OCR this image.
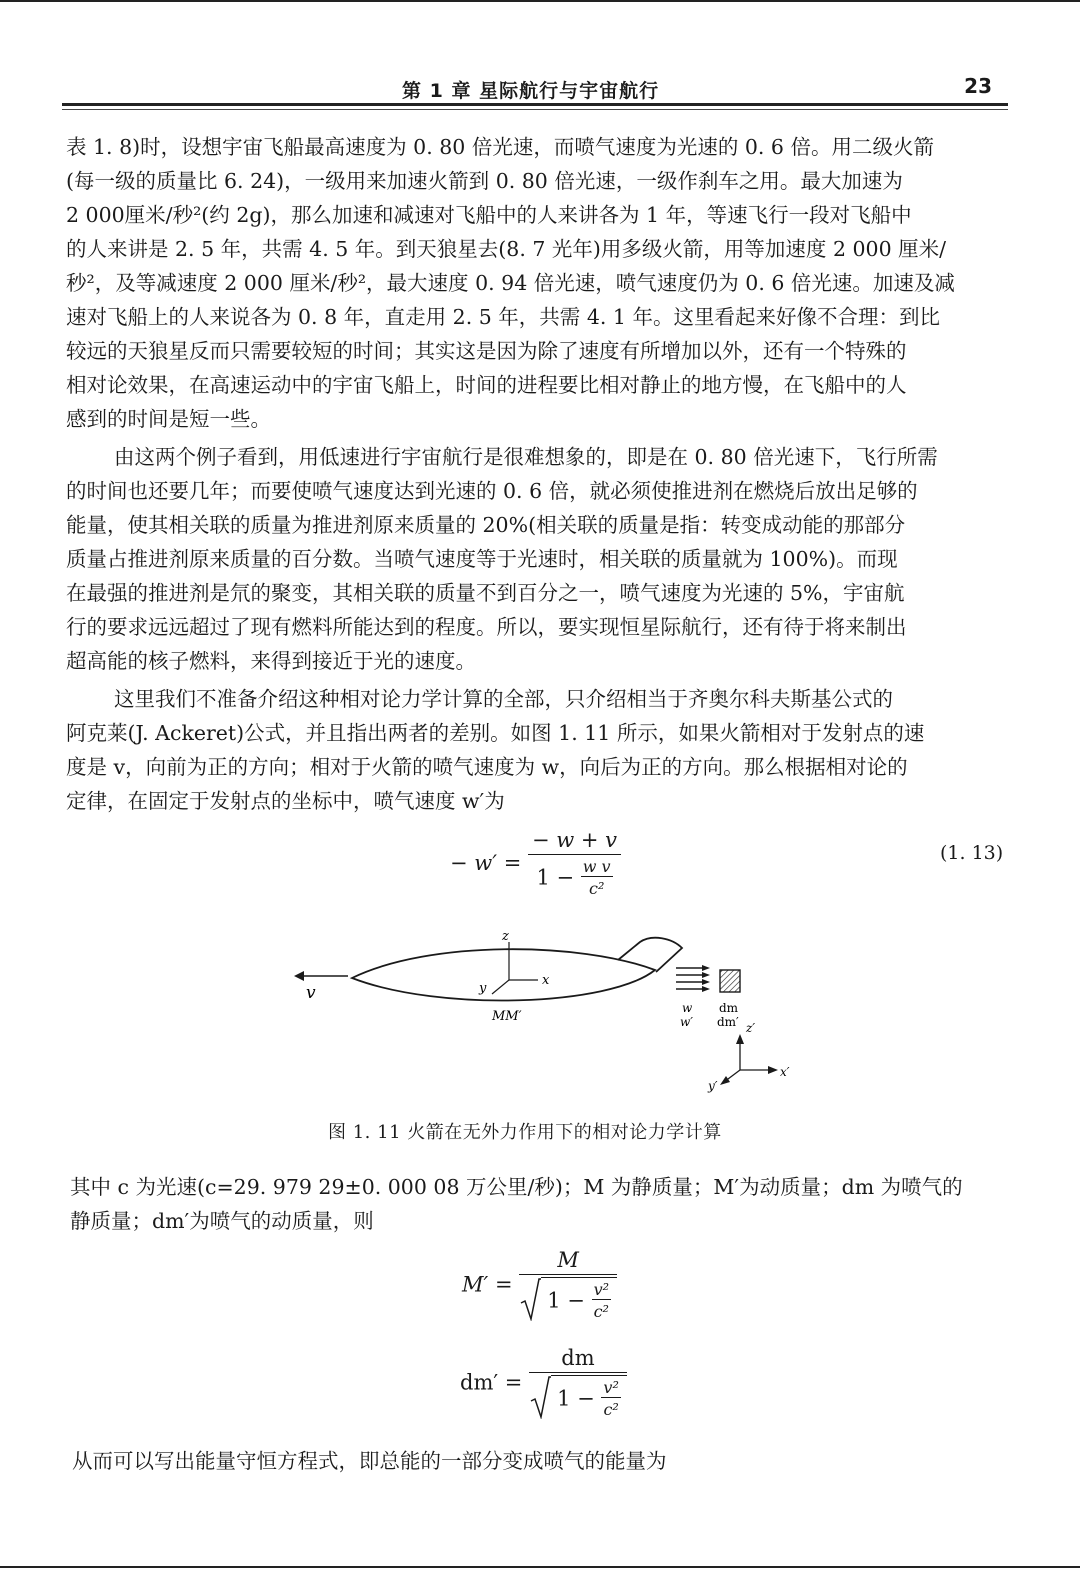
第 1 章 星际航行与宇宙航行	23
表 1. 8)时，设想宇宙飞船最高速度为 0. 80 倍光速，而喷气速度为光速的 0. 6 倍。用二级火箭
(每一级的质量比 6. 24)，一级用来加速火箭到 0. 80 倍光速，一级作刹车之用。最大加速为
2 000厘米/秒²(约 2g)，那么加速和减速对飞船中的人来讲各为 1 年，等速飞行一段对飞船中
的人来讲是 2. 5 年，共需 4. 5 年。到天狼星去(8. 7 光年)用多级火箭，用等加速度 2 000 厘米/
秒²，及等减速度 2 000 厘米/秒²，最大速度 0. 94 倍光速，喷气速度仍为 0. 6 倍光速。加速及减
速对飞船上的人来说各为 0. 8 年，直走用 2. 5 年，共需 4. 1 年。这里看起来好像不合理：到比
较远的天狼星反而只需要较短的时间；其实这是因为除了速度有所增加以外，还有一个特殊的
相对论效果，在高速运动中的宇宙飞船上，时间的进程要比相对静止的地方慢，在飞船中的人
感到的时间是短一些。
由这两个例子看到，用低速进行宇宙航行是很难想象的，即是在 0. 80 倍光速下，飞行所需
的时间也还要几年；而要使喷气速度达到光速的 0. 6 倍，就必须使推进剂在燃烧后放出足够的
能量，使其相关联的质量为推进剂原来质量的 20%(相关联的质量是指：转变成动能的那部分
质量占推进剂原来质量的百分数。当喷气速度等于光速时，相关联的质量就为 100%)。而现
在最强的推进剂是氘的聚变，其相关联的质量不到百分之一，喷气速度为光速的 5%，宇宙航
行的要求远远超过了现有燃料所能达到的程度。所以，要实现恒星际航行，还有待于将来制出
超高能的核子燃料，来得到接近于光的速度。
这里我们不准备介绍这种相对论力学计算的全部，只介绍相当于齐奥尔科夫斯基公式的
阿克莱(J. Ackeret)公式，并且指出两者的差别。如图 1. 11 所示，如果火箭相对于发射点的速
度是 v，向前为正的方向；相对于火箭的喷气速度为 w，向后为正的方向。那么根据相对论的
定律，在固定于发射点的坐标中，喷气速度 w′为
− $w' = \frac{- w + v}{1 - \frac{\text{w v}}{\text{c²}}}$	(1. 13)
v
z
x
y
MM′
w
w′
dm
dm′ z′
x′
y′
图 1. 11 火箭在无外力作用下的相对论力学计算
其中 c 为光速(c=29. 979 29±0. 000 08 万公里/秒)；M 为静质量；M′为动质量；dm 为喷气的
静质量；dm′为喷气的动质量，则
$M' = \frac{M}{1 - \frac{\text{v²}}{\text{c²}}}$
$dm' = \frac{dm}{1 - \frac{\text{v²}}{\text{c²}}}$
从而可以写出能量守恒方程式，即总能的一部分变成喷气的能量为
